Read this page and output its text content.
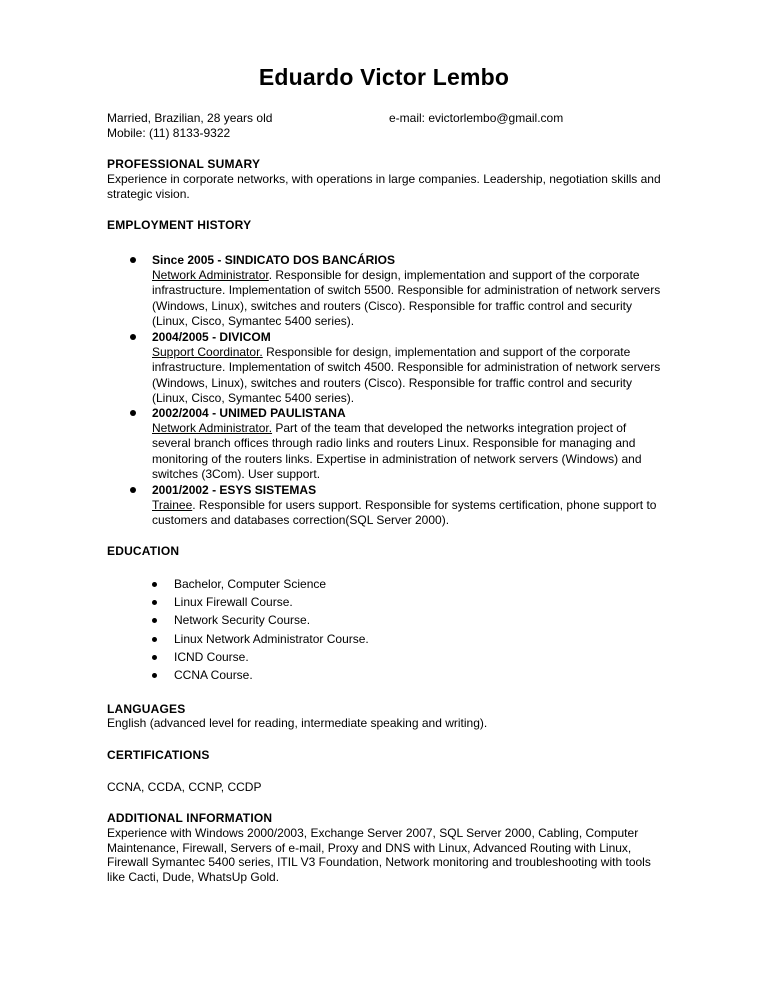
Eduardo Victor Lembo
Married, Brazilian, 28 years old	e-mail: evictorlembo@gmail.com
Mobile: (11) 8133-9322
PROFESSIONAL SUMARY
Experience in corporate networks, with operations in large companies. Leadership, negotiation skills and strategic vision.
EMPLOYMENT HISTORY
Since 2005 - SINDICATO DOS BANCÁRIOS
Network Administrator. Responsible for design, implementation and support of the corporate infrastructure. Implementation of switch 5500. Responsible for administration of network servers (Windows, Linux), switches and routers (Cisco). Responsible for traffic control and security (Linux, Cisco, Symantec 5400 series).
2004/2005 - DIVICOM
Support Coordinator. Responsible for design, implementation and support of the corporate infrastructure. Implementation of switch 4500. Responsible for administration of network servers (Windows, Linux), switches and routers (Cisco). Responsible for traffic control and security (Linux, Cisco, Symantec 5400 series).
2002/2004 - UNIMED PAULISTANA
Network Administrator. Part of the team that developed the networks integration project of several branch offices through radio links and routers Linux. Responsible for managing and monitoring of the routers links. Expertise in administration of network servers (Windows) and switches (3Com). User support.
2001/2002 - ESYS SISTEMAS
Trainee. Responsible for users support. Responsible for systems certification, phone support to customers and databases correction(SQL Server 2000).
EDUCATION
Bachelor, Computer Science
Linux Firewall Course.
Network Security Course.
Linux Network Administrator Course.
ICND Course.
CCNA Course.
LANGUAGES
English (advanced level for reading, intermediate speaking and writing).
CERTIFICATIONS
CCNA, CCDA, CCNP, CCDP
ADDITIONAL INFORMATION
Experience with Windows 2000/2003, Exchange Server 2007, SQL Server 2000, Cabling, Computer Maintenance, Firewall, Servers of e-mail, Proxy and DNS with Linux, Advanced Routing with Linux, Firewall Symantec 5400 series, ITIL V3 Foundation, Network monitoring and troubleshooting with tools like Cacti, Dude, WhatsUp Gold.
